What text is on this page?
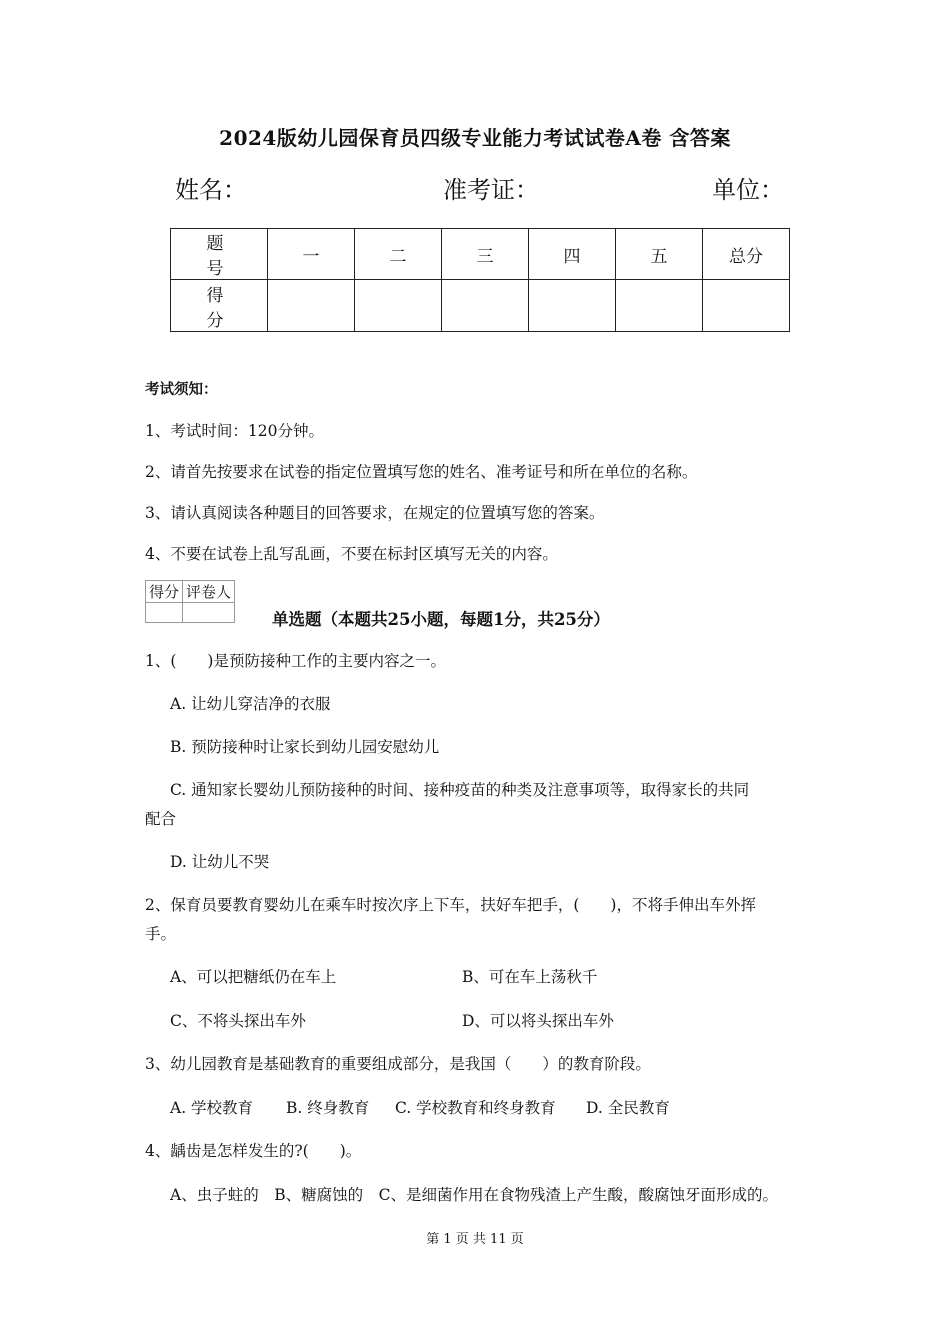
2024版幼儿园保育员四级专业能力考试试卷A卷 含答案
姓名：	准考证：	单位：
题　号	一	二	三	四	五	总分
得　分						
考试须知：
1、考试时间：120分钟。
2、请首先按要求在试卷的指定位置填写您的姓名、准考证号和所在单位的名称。
3、请认真阅读各种题目的回答要求，在规定的位置填写您的答案。
4、不要在试卷上乱写乱画，不要在标封区填写无关的内容。
得分	评卷人

单选题（本题共25小题，每题1分，共25分）
1、(　　)是预防接种工作的主要内容之一。
A. 让幼儿穿洁净的衣服
B. 预防接种时让家长到幼儿园安慰幼儿
C. 通知家长婴幼儿预防接种的时间、接种疫苗的种类及注意事项等，取得家长的共同
配合
D. 让幼儿不哭
2、保育员要教育婴幼儿在乘车时按次序上下车，扶好车把手，(　　)，不将手伸出车外挥
手。
A、可以把糖纸仍在车上	B、可在车上荡秋千
C、不将头探出车外	D、可以将头探出车外
3、幼儿园教育是基础教育的重要组成部分，是我国（　　）的教育阶段。
A. 学校教育 B. 终身教育 C. 学校教育和终身教育 D. 全民教育
4、龋齿是怎样发生的?(　　)。
A、虫子蛀的　B、糖腐蚀的　C、是细菌作用在食物残渣上产生酸，酸腐蚀牙面形成的。
第 1 页 共 11 页
